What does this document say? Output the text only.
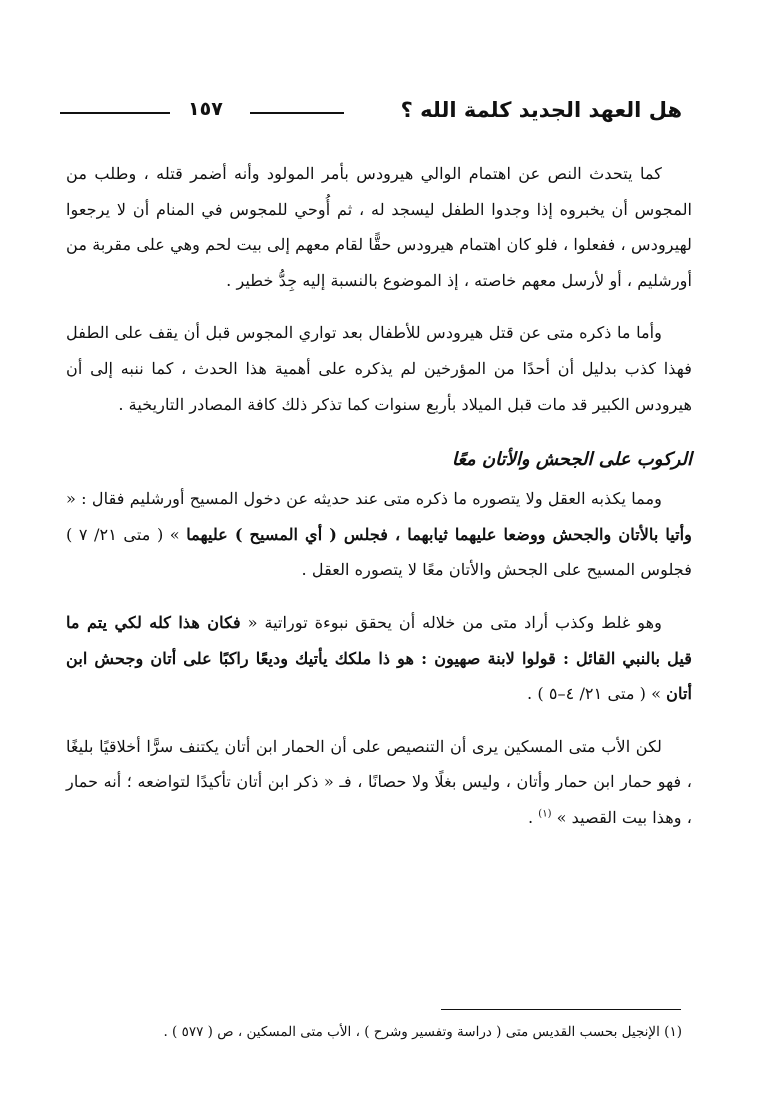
هل العهد الجديد كلمة الله ؟
١٥٧

كما يتحدث النص عن اهتمام الوالي هيرودس بأمر المولود وأنه أضمر قتله ، وطلب من المجوس أن يخبروه إذا وجدوا الطفل ليسجد له ، ثم أُوحي للمجوس في المنام أن لا يرجعوا لهيرودس ، ففعلوا ، فلو كان اهتمام هيرودس حقًّا لقام معهم إلى بيت لحم وهي على مقربة من أورشليم ، أو لأرسل معهم خاصته ، إذ الموضوع بالنسبة إليه جِدُّ خطير .

وأما ما ذكره متى عن قتل هيرودس للأطفال بعد تواري المجوس قبل أن يقف على الطفل فهذا كذب بدليل أن أحدًا من المؤرخين لم يذكره على أهمية هذا الحدث ، كما ننبه إلى أن هيرودس الكبير قد مات قبل الميلاد بأربع سنوات كما تذكر ذلك كافة المصادر التاريخية .

الركوب على الجحش والأتان معًا

ومما يكذبه العقل ولا يتصوره ما ذكره متى عند حديثه عن دخول المسيح أورشليم فقال : « وأتيا بالأتان والجحش ووضعا عليهما ثيابهما ، فجلس ( أي المسيح ) عليهما » ( متى ٢١/ ٧ ) فجلوس المسيح على الجحش والأتان معًا لا يتصوره العقل .

وهو غلط وكذب أراد متى من خلاله أن يحقق نبوءة توراتية « فكان هذا كله لكي يتم ما قيل بالنبي القائل : قولوا لابنة صهيون : هو ذا ملكك يأتيك وديعًا راكبًا على أتان وجحش ابن أتان » ( متى ٢١/ ٤–٥ ) .

لكن الأب متى المسكين يرى أن التنصيص على أن الحمار ابن أتان يكتنف سرًّا أخلاقيًا بليغًا ، فهو حمار ابن حمار وأتان ، وليس بغلًا ولا حصانًا ، فـ « ذكر ابن أتان تأكيدًا لتواضعه ؛ أنه حمار ، وهذا بيت القصيد » $^{(١)}$ .

(١) الإنجيل بحسب القديس متى ( دراسة وتفسير وشرح ) ، الأب متى المسكين ، ص ( ٥٧٧ ) .
